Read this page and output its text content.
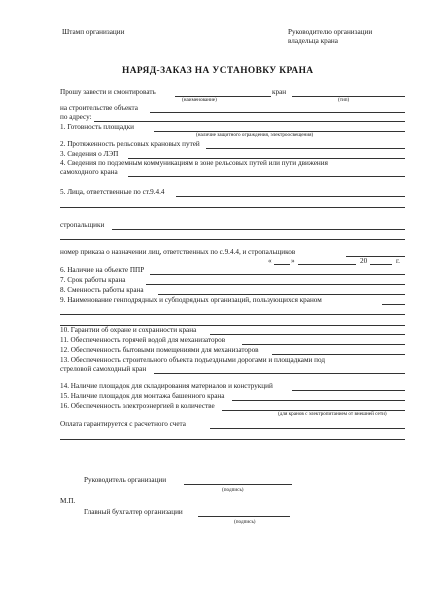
Штамп организации	Руководителю организации
владельца крана
НАРЯД-ЗАКАЗ НА УСТАНОВКУ КРАНА
Прошу завести и смонтировать	кран
(наименование)	(тип)
на строительстве объекта
по адресу:
1. Готовность площадки
(наличие защитного ограждения, электроосвещения)
2. Протяженность рельсовых крановых путей
3. Сведения о ЛЭП
4. Сведения по подземным коммуникациям в зоне рельсовых путей или пути движения
самоходного крана
5. Лица, ответственные по ст.9.4.4
стропальщики
номер приказа о назначении лиц, ответственных по с.9.4.4, и стропальщиков
«	»	20	г.
6. Наличие на объекте ППР
7. Срок работы крана
8. Сменность работы крана
9. Наименование генподрядных и субподрядных организаций, пользующихся краном
10. Гарантии об охране и сохранности крана
11. Обеспеченность горячей водой для механизаторов
12. Обеспеченность бытовыми помещениями для механизаторов
13. Обеспеченность строительного объекта подъездными дорогами и площадками под
стреловой самоходный кран
14. Наличие площадок для складирования материалов и конструкций
15. Наличие площадок для монтажа башенного крана
16. Обеспеченность электроэнергией в количестве
(для кранов с электропитанием от внешней сети)
Оплата гарантируется с расчетного счета
Руководитель организации
(подпись)
М.П.
Главный бухгалтер организации
(подпись)
